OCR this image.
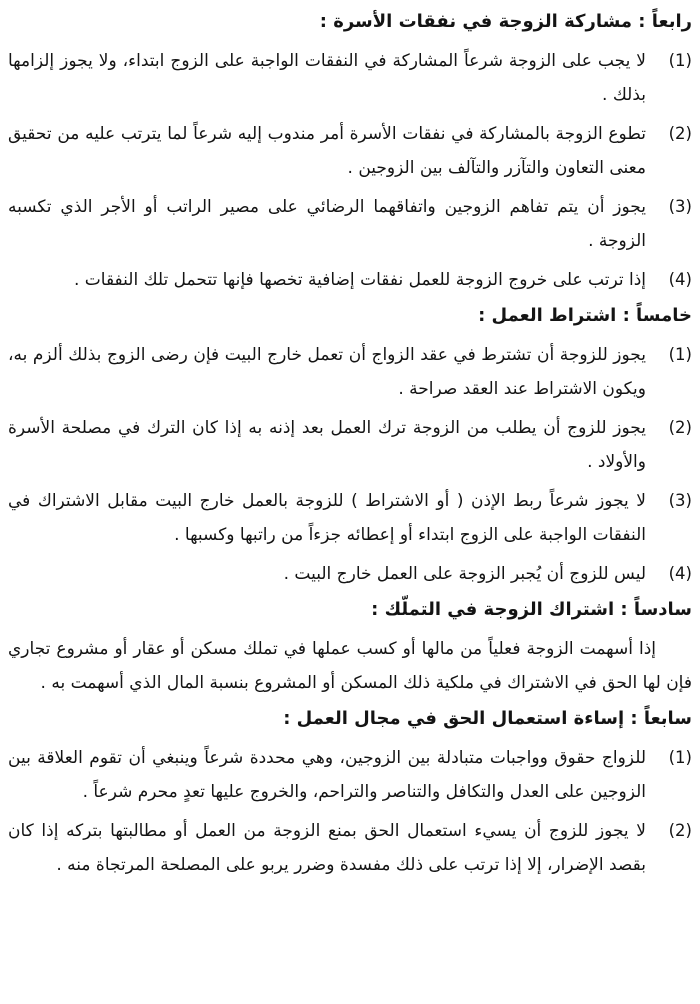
رابعاً : مشاركة الزوجة في نفقات الأسرة :
(1)

لا يجب على الزوجة شرعاً المشاركة في النفقات الواجبة على الزوج ابتداء، ولا يجوز إلزامها بذلك .

(2)

تطوع الزوجة بالمشاركة في نفقات الأسرة أمر مندوب إليه شرعاً لما يترتب عليه من تحقيق معنى التعاون والتآزر والتآلف بين الزوجين .

(3)

يجوز أن يتم تفاهم الزوجين واتفاقهما الرضائي على مصير الراتب أو الأجر الذي تكسبه الزوجة .

(4)

إذا ترتب على خروج الزوجة للعمل نفقات إضافية تخصها فإنها تتحمل تلك النفقات .

خامساً : اشتراط العمل :
(1)

يجوز للزوجة أن تشترط في عقد الزواج أن تعمل خارج البيت فإن رضى الزوج بذلك ألزم به، ويكون الاشتراط عند العقد صراحة .

(2)

يجوز للزوج أن يطلب من الزوجة ترك العمل بعد إذنه به إذا كان الترك في مصلحة الأسرة والأولاد .

(3)

لا يجوز شرعاً ربط الإذن ( أو الاشتراط ) للزوجة بالعمل خارج البيت مقابل الاشتراك في النفقات الواجبة على الزوج ابتداء أو إعطائه جزءاً من راتبها وكسبها .

(4)

ليس للزوج أن يُجبر الزوجة على العمل خارج البيت .

سادساً : اشتراك الزوجة في التملّك :

إذا أسهمت الزوجة فعلياً من مالها أو كسب عملها في تملك مسكن أو عقار أو مشروع تجاري فإن لها الحق في الاشتراك في ملكية ذلك المسكن أو المشروع بنسبة المال الذي أسهمت به .

سابعاً : إساءة استعمال الحق في مجال العمل :
(1)

للزواج حقوق وواجبات متبادلة بين الزوجين، وهي محددة شرعاً وينبغي أن تقوم العلاقة بين الزوجين على العدل والتكافل والتناصر والتراحم، والخروج عليها تعدٍ محرم شرعاً .

(2)

لا يجوز للزوج أن يسيء استعمال الحق بمنع الزوجة من العمل أو مطالبتها بتركه إذا كان بقصد الإضرار، إلا إذا ترتب على ذلك مفسدة وضرر يربو على المصلحة المرتجاة منه .
